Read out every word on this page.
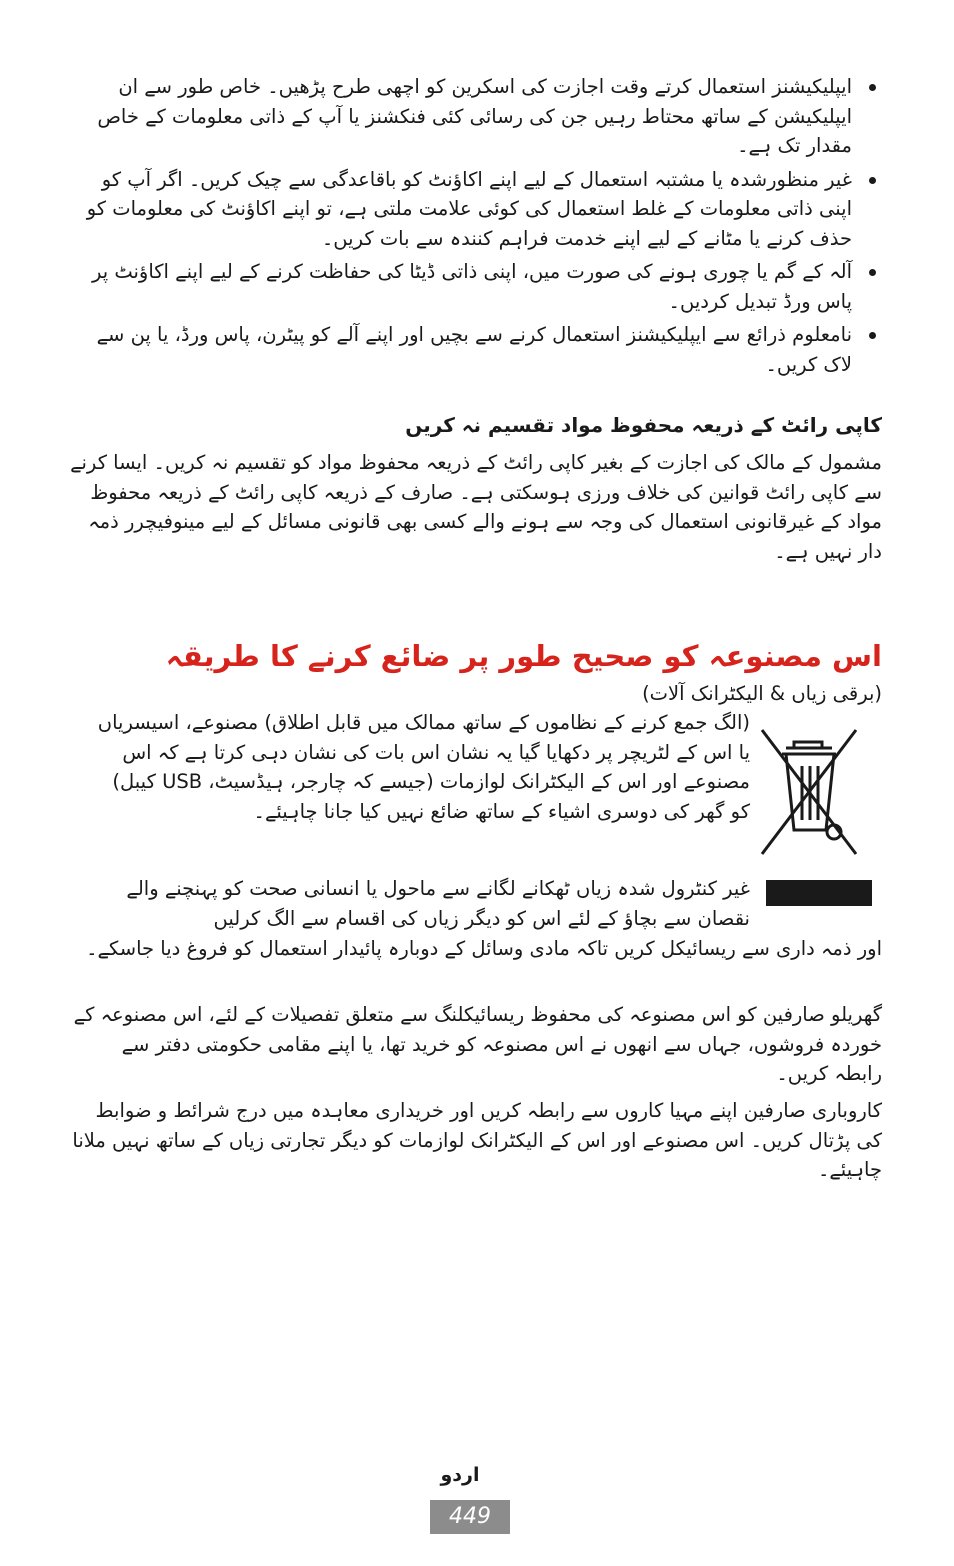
ایپلیکیشنز استعمال کرتے وقت اجازت کی اسکرین کو اچھی طرح پڑھیں۔ خاص طور سے ان ایپلیکیشن کے ساتھ محتاط رہیں جن کی رسائی کئی فنکشنز یا آپ کے ذاتی معلومات کے خاص مقدار تک ہے۔
غیر منظورشدہ یا مشتبہ استعمال کے لیے اپنے اکاؤنٹ کو باقاعدگی سے چیک کریں۔ اگر آپ کو اپنی ذاتی معلومات کے غلط استعمال کی کوئی علامت ملتی ہے، تو اپنے اکاؤنٹ کی معلومات کو حذف کرنے یا مٹانے کے لیے اپنے خدمت فراہم کنندہ سے بات کریں۔
آلہ کے گم یا چوری ہونے کی صورت میں، اپنی ذاتی ڈیٹا کی حفاظت کرنے کے لیے اپنے اکاؤنٹ پر پاس ورڈ تبدیل کردیں۔
نامعلوم ذرائع سے ایپلیکیشنز استعمال کرنے سے بچیں اور اپنے آلے کو پیٹرن، پاس ورڈ، یا پن سے لاک کریں۔
کاپی رائٹ کے ذریعہ محفوظ مواد تقسیم نہ کریں

مشمول کے مالک کی اجازت کے بغیر کاپی رائٹ کے ذریعہ محفوظ مواد کو تقسیم نہ کریں۔ ایسا کرنے سے کاپی رائٹ قوانین کی خلاف ورزی ہوسکتی ہے۔ صارف کے ذریعہ کاپی رائٹ کے ذریعہ محفوظ مواد کے غیرقانونی استعمال کی وجہ سے ہونے والے کسی بھی قانونی مسائل کے لیے مینوفیچرر ذمہ دار نہیں ہے۔

اس مصنوعہ کو صحیح طور پر ضائع کرنے کا طریقہ

(برقی زیاں & الیکٹرانک آلات)

(الگ جمع کرنے کے نظاموں کے ساتھ ممالک میں قابل اطلاق) مصنوعے، اسیسریاں یا اس کے لٹریچر پر دکھایا گیا یہ نشان اس بات کی نشان دہی کرتا ہے کہ اس مصنوعے اور اس کے الیکٹرانک لوازمات (جیسے کہ چارجر، ہیڈسیٹ، USB کیبل) کو گھر کی دوسری اشیاء کے ساتھ ضائع نہیں کیا جانا چاہیئے۔

غیر کنٹرول شدہ زیاں ٹھکانے لگانے سے ماحول یا انسانی صحت کو پہنچنے والے نقصان سے بچاؤ کے لئے اس کو دیگر زیاں کی اقسام سے الگ کرلیں

اور ذمہ داری سے ریسائیکل کریں تاکہ مادی وسائل کے دوبارہ پائیدار استعمال کو فروغ دیا جاسکے۔

گھریلو صارفین کو اس مصنوعہ کی محفوظ ریسائیکلنگ سے متعلق تفصیلات کے لئے، اس مصنوعہ کے خوردہ فروشوں، جہاں سے انھوں نے اس مصنوعہ کو خرید تھا، یا اپنے مقامی حکومتی دفتر سے رابطہ کریں۔

کاروباری صارفین اپنے مہیا کاروں سے رابطہ کریں اور خریداری معاہدہ میں درج شرائط و ضوابط کی پڑتال کریں۔ اس مصنوعے اور اس کے الیکٹرانک لوازمات کو دیگر تجارتی زیاں کے ساتھ نہیں ملانا چاہیئے۔

اردو
449
